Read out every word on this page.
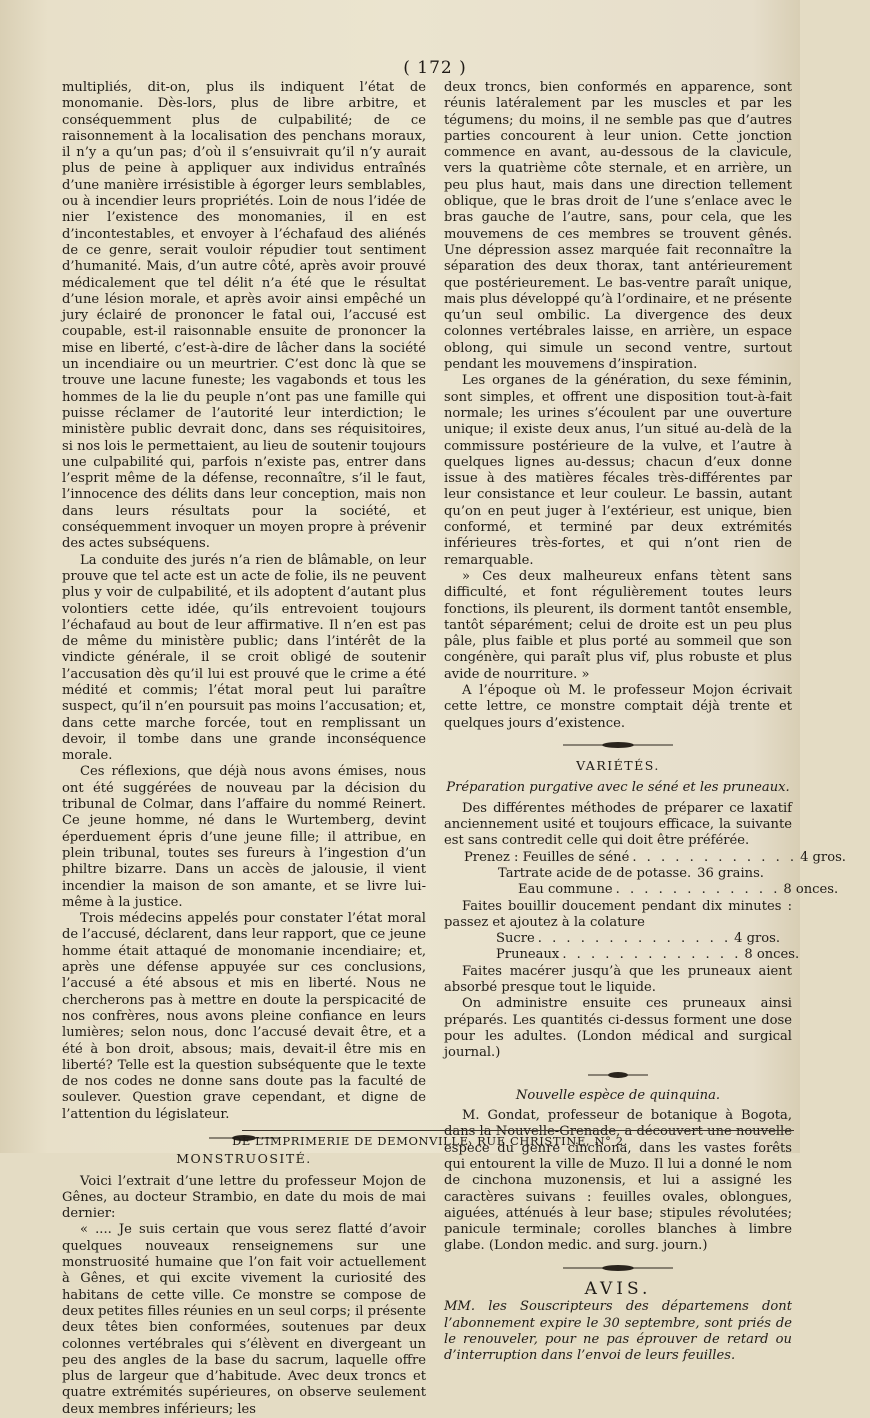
( 172 )

multipliés, dit-on, plus ils indiquent l’état de monomanie. Dès-lors, plus de libre arbitre, et conséquemment plus de culpabilité; de ce raisonnement à la localisation des penchans moraux, il n’y a qu’un pas; d’où il s’ensuivrait qu’il n’y aurait plus de peine à appliquer aux individus entraînés d’une manière irrésistible à égorger leurs semblables, ou à incendier leurs propriétés. Loin de nous l’idée de nier l’existence des monomanies, il en est d’incontestables, et envoyer à l’échafaud des aliénés de ce genre, serait vouloir répudier tout sentiment d’humanité. Mais, d’un autre côté, après avoir prouvé médicalement que tel délit n’a été que le résultat d’une lésion morale, et après avoir ainsi empêché un jury éclairé de prononcer le fatal oui, l’accusé est coupable, est-il raisonnable ensuite de prononcer la mise en liberté, c’est-à-dire de lâcher dans la société un incendiaire ou un meurtrier. C’est donc là que se trouve une lacune funeste; les vagabonds et tous les hommes de la lie du peuple n’ont pas une famille qui puisse réclamer de l’autorité leur interdiction; le ministère public devrait donc, dans ses réquisitoires, si nos lois le permettaient, au lieu de soutenir toujours une culpabilité qui, parfois n’existe pas, entrer dans l’esprit même de la défense, reconnaître, s’il le faut, l’innocence des délits dans leur conception, mais non dans leurs résultats pour la société, et conséquemment invoquer un moyen propre à prévenir des actes subséquens.

La conduite des jurés n’a rien de blâmable, on leur prouve que tel acte est un acte de folie, ils ne peuvent plus y voir de culpabilité, et ils adoptent d’autant plus volontiers cette idée, qu’ils entrevoient toujours l’échafaud au bout de leur affirmative. Il n’en est pas de même du ministère public; dans l’intérêt de la vindicte générale, il se croit obligé de soutenir l’accusation dès qu’il lui est prouvé que le crime a été médité et commis; l’état moral peut lui paraître suspect, qu’il n’en poursuit pas moins l’accusation; et, dans cette marche forcée, tout en remplissant un devoir, il tombe dans une grande inconséquence morale.

Ces réflexions, que déjà nous avons émises, nous ont été suggérées de nouveau par la décision du tribunal de Colmar, dans l’affaire du nommé Reinert. Ce jeune homme, né dans le Wurtemberg, devint éperduement épris d’une jeune fille; il attribue, en plein tribunal, toutes ses fureurs à l’ingestion d’un philtre bizarre. Dans un accès de jalousie, il vient incendier la maison de son amante, et se livre lui-même à la justice.

Trois médecins appelés pour constater l’état moral de l’accusé, déclarent, dans leur rapport, que ce jeune homme était attaqué de monomanie incendiaire; et, après une défense appuyée sur ces conclusions, l’accusé a été absous et mis en liberté. Nous ne chercherons pas à mettre en doute la perspicacité de nos confrères, nous avons pleine confiance en leurs lumières; selon nous, donc l’accusé devait être, et a été à bon droit, absous; mais, devait-il être mis en liberté? Telle est la question subséquente que le texte de nos codes ne donne sans doute pas la faculté de soulever. Question grave cependant, et digne de l’attention du législateur.

MONSTRUOSITÉ.

Voici l’extrait d’une lettre du professeur Mojon de Gênes, au docteur Strambio, en date du mois de mai dernier:

« .... Je suis certain que vous serez flatté d’avoir quelques nouveaux renseignemens sur une monstruosité humaine que l’on fait voir actuellement à Gênes, et qui excite vivement la curiosité des habitans de cette ville. Ce monstre se compose de deux petites filles réunies en un seul corps; il présente deux têtes bien conformées, soutenues par deux colonnes vertébrales qui s’élèvent en divergeant un peu des angles de la base du sacrum, laquelle offre plus de largeur que d’habitude. Avec deux troncs et quatre extrémités supérieures, on observe seulement deux membres inférieurs; les

deux troncs, bien conformés en apparence, sont réunis latéralement par les muscles et par les tégumens; du moins, il ne semble pas que d’autres parties concourent à leur union. Cette jonction commence en avant, au-dessous de la clavicule, vers la quatrième côte sternale, et en arrière, un peu plus haut, mais dans une direction tellement oblique, que le bras droit de l’une s’enlace avec le bras gauche de l’autre, sans, pour cela, que les mouvemens de ces membres se trouvent gênés. Une dépression assez marquée fait reconnaître la séparation des deux thorax, tant antérieurement que postérieurement. Le bas-ventre paraît unique, mais plus développé qu’à l’ordinaire, et ne présente qu’un seul ombilic. La divergence des deux colonnes vertébrales laisse, en arrière, un espace oblong, qui simule un second ventre, surtout pendant les mouvemens d’inspiration.

Les organes de la génération, du sexe féminin, sont simples, et offrent une disposition tout-à-fait normale; les urines s’écoulent par une ouverture unique; il existe deux anus, l’un situé au-delà de la commissure postérieure de la vulve, et l’autre à quelques lignes au-dessus; chacun d’eux donne issue à des matières fécales très-différentes par leur consistance et leur couleur. Le bassin, autant qu’on en peut juger à l’extérieur, est unique, bien conformé, et terminé par deux extrémités inférieures très-fortes, et qui n’ont rien de remarquable.

» Ces deux malheureux enfans tètent sans difficulté, et font régulièrement toutes leurs fonctions, ils pleurent, ils dorment tantôt ensemble, tantôt séparément; celui de droite est un peu plus pâle, plus faible et plus porté au sommeil que son congénère, qui paraît plus vif, plus robuste et plus avide de nourriture. »

A l’époque où M. le professeur Mojon écrivait cette lettre, ce monstre comptait déjà trente et quelques jours d’existence.

VARIÉTÉS.
Préparation purgative avec le séné et les pruneaux.

Des différentes méthodes de préparer ce laxatif anciennement usité et toujours efficace, la suivante est sans contredit celle qui doit être préférée.

Prenez : Feuilles de séné . . . . . . . . . . . . 4 gros.
Tartrate acide de de potasse. 36 grains.
Eau commune . . . . . . . . . . . . 8 onces.

Faites bouillir doucement pendant dix minutes : passez et ajoutez à la colature

Sucre . . . . . . . . . . . . . . 4 gros.
Pruneaux . . . . . . . . . . . . . 8 onces.

Faites macérer jusqu’à que les pruneaux aient absorbé presque tout le liquide.

On administre ensuite ces pruneaux ainsi préparés. Les quantités ci-dessus forment une dose pour les adultes. (London médical and surgical journal.)

Nouvelle espèce de quinquina.

M. Gondat, professeur de botanique à Bogota, dans la Nouvelle-Grenade, a découvert une nouvelle espèce du genre cinchona, dans les vastes forêts qui entourent la ville de Muzo. Il lui a donné le nom de cinchona muzonensis, et lui a assigné les caractères suivans : feuilles ovales, oblongues, aiguées, atténués à leur base; stipules révolutées; panicule terminale; corolles blanches à limbre glabe. (London medic. and surg. journ.)

AVIS.

MM. les Souscripteurs des départemens dont l’abonnement expire le 30 septembre, sont priés de le renouveler, pour ne pas éprouver de retard ou d’interruption dans l’envoi de leurs feuilles.

DE L’IMPRIMERIE DE DEMONVILLE, RUE CHRISTINE, N° 2.
